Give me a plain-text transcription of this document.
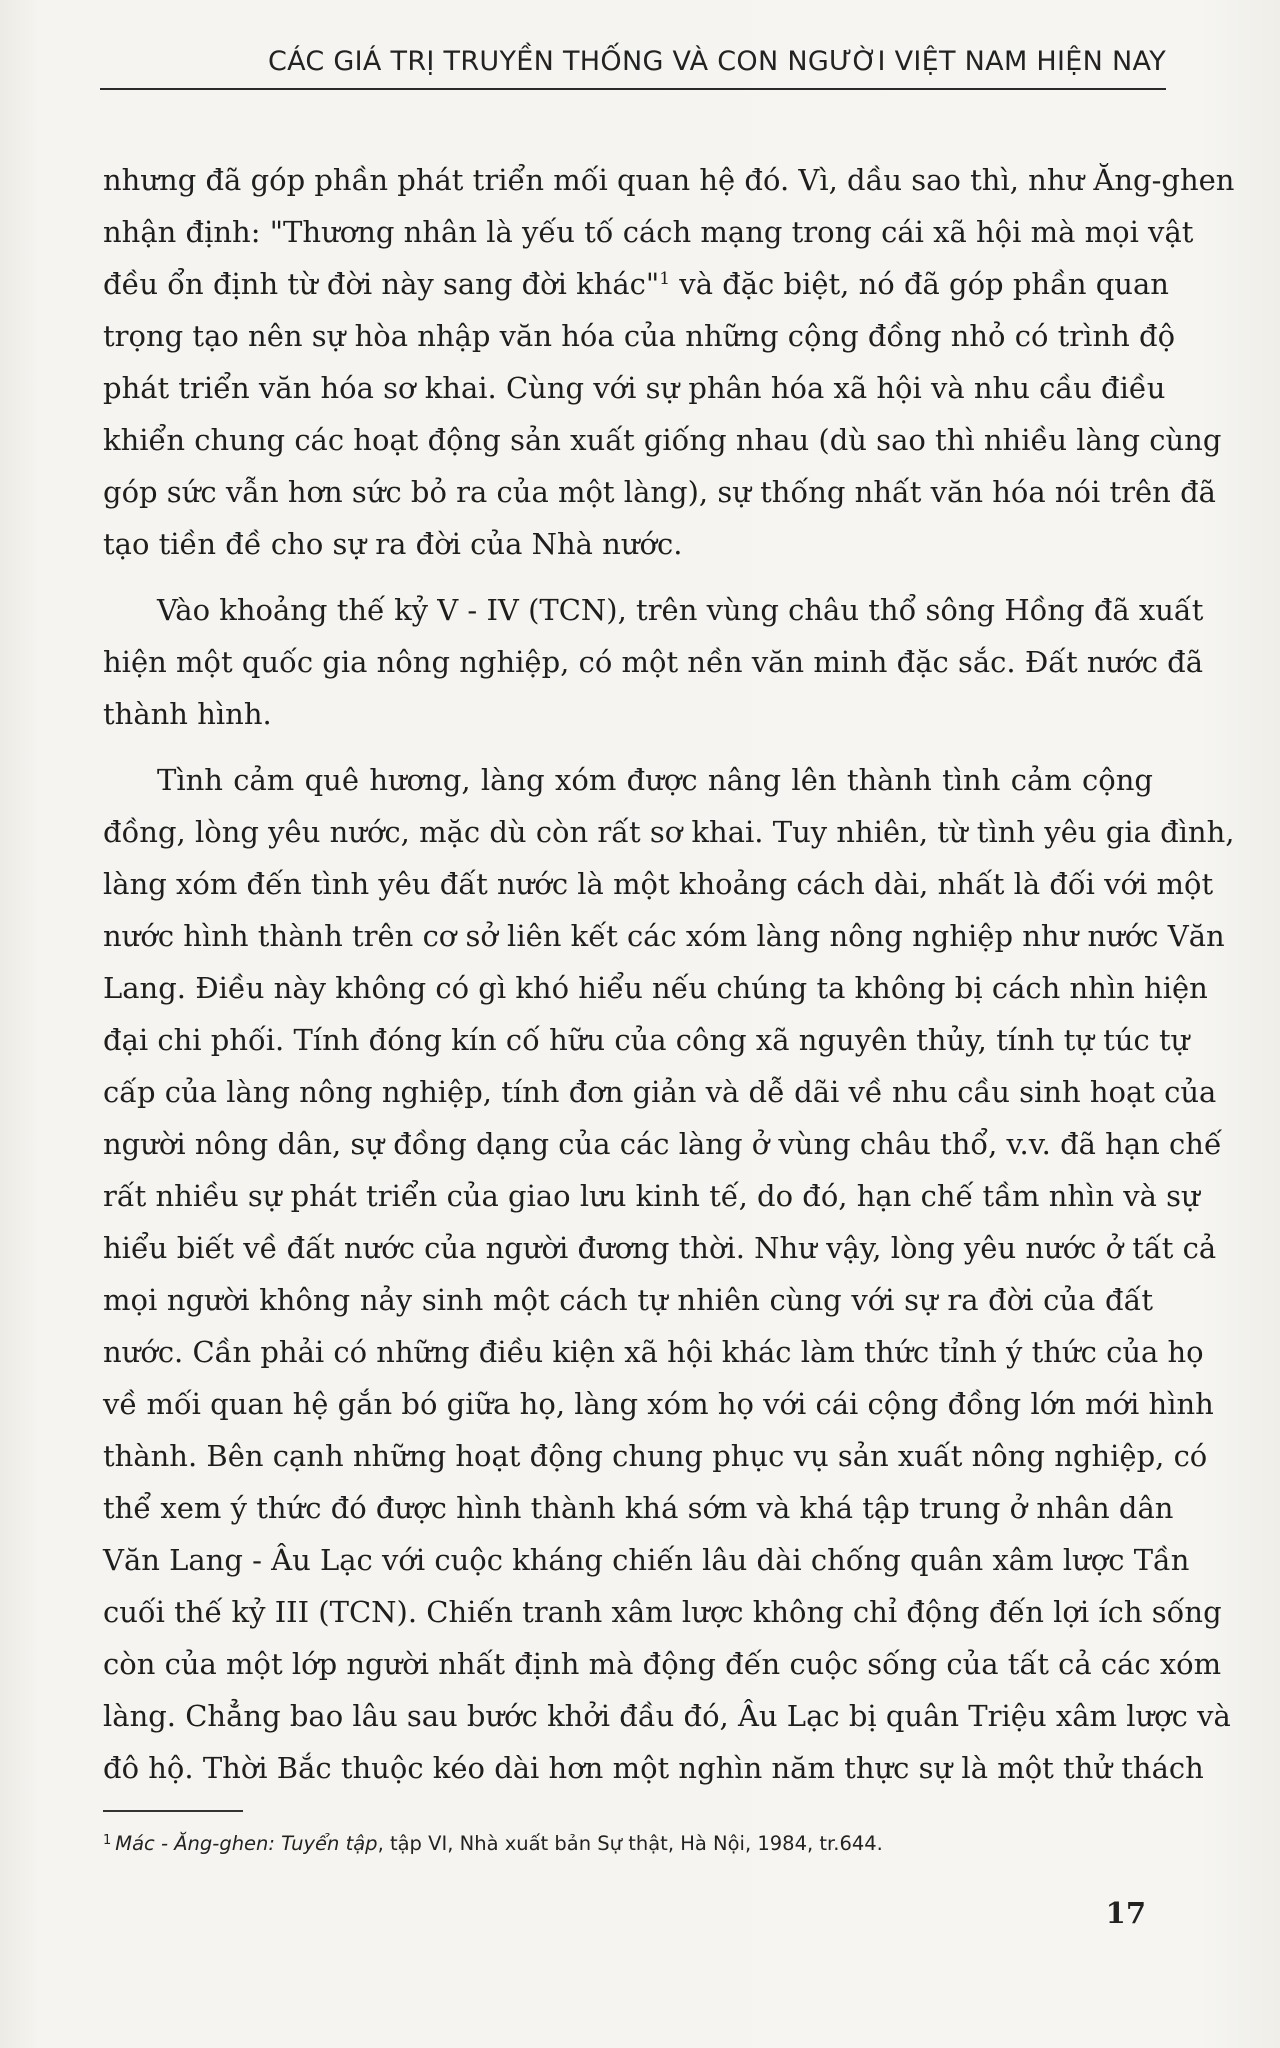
CÁC GIÁ TRỊ TRUYỀN THỐNG VÀ CON NGƯỜI VIỆT NAM HIỆN NAY
nhưng đã góp phần phát triển mối quan hệ đó. Vì, dầu sao thì, như Ăng-ghen
nhận định: "Thương nhân là yếu tố cách mạng trong cái xã hội mà mọi vật
đều ổn định từ đời này sang đời khác"$^1$ và đặc biệt, nó đã góp phần quan
trọng tạo nên sự hòa nhập văn hóa của những cộng đồng nhỏ có trình độ
phát triển văn hóa sơ khai. Cùng với sự phân hóa xã hội và nhu cầu điều
khiển chung các hoạt động sản xuất giống nhau (dù sao thì nhiều làng cùng
góp sức vẫn hơn sức bỏ ra của một làng), sự thống nhất văn hóa nói trên đã
tạo tiền đề cho sự ra đời của Nhà nước.
Vào khoảng thế kỷ V - IV (TCN), trên vùng châu thổ sông Hồng đã xuất
hiện một quốc gia nông nghiệp, có một nền văn minh đặc sắc. Đất nước đã
thành hình.
Tình cảm quê hương, làng xóm được nâng lên thành tình cảm cộng
đồng, lòng yêu nước, mặc dù còn rất sơ khai. Tuy nhiên, từ tình yêu gia đình,
làng xóm đến tình yêu đất nước là một khoảng cách dài, nhất là đối với một
nước hình thành trên cơ sở liên kết các xóm làng nông nghiệp như nước Văn
Lang. Điều này không có gì khó hiểu nếu chúng ta không bị cách nhìn hiện
đại chi phối. Tính đóng kín cố hữu của công xã nguyên thủy, tính tự túc tự
cấp của làng nông nghiệp, tính đơn giản và dễ dãi về nhu cầu sinh hoạt của
người nông dân, sự đồng dạng của các làng ở vùng châu thổ, v.v. đã hạn chế
rất nhiều sự phát triển của giao lưu kinh tế, do đó, hạn chế tầm nhìn và sự
hiểu biết về đất nước của người đương thời. Như vậy, lòng yêu nước ở tất cả
mọi người không nảy sinh một cách tự nhiên cùng với sự ra đời của đất
nước. Cần phải có những điều kiện xã hội khác làm thức tỉnh ý thức của họ
về mối quan hệ gắn bó giữa họ, làng xóm họ với cái cộng đồng lớn mới hình
thành. Bên cạnh những hoạt động chung phục vụ sản xuất nông nghiệp, có
thể xem ý thức đó được hình thành khá sớm và khá tập trung ở nhân dân
Văn Lang - Âu Lạc với cuộc kháng chiến lâu dài chống quân xâm lược Tần
cuối thế kỷ III (TCN). Chiến tranh xâm lược không chỉ động đến lợi ích sống
còn của một lớp người nhất định mà động đến cuộc sống của tất cả các xóm
làng. Chẳng bao lâu sau bước khởi đầu đó, Âu Lạc bị quân Triệu xâm lược và
đô hộ. Thời Bắc thuộc kéo dài hơn một nghìn năm thực sự là một thử thách
$^1$ Mác - Ăng-ghen: Tuyển tập, tập VI, Nhà xuất bản Sự thật, Hà Nội, 1984, tr.644.
17
